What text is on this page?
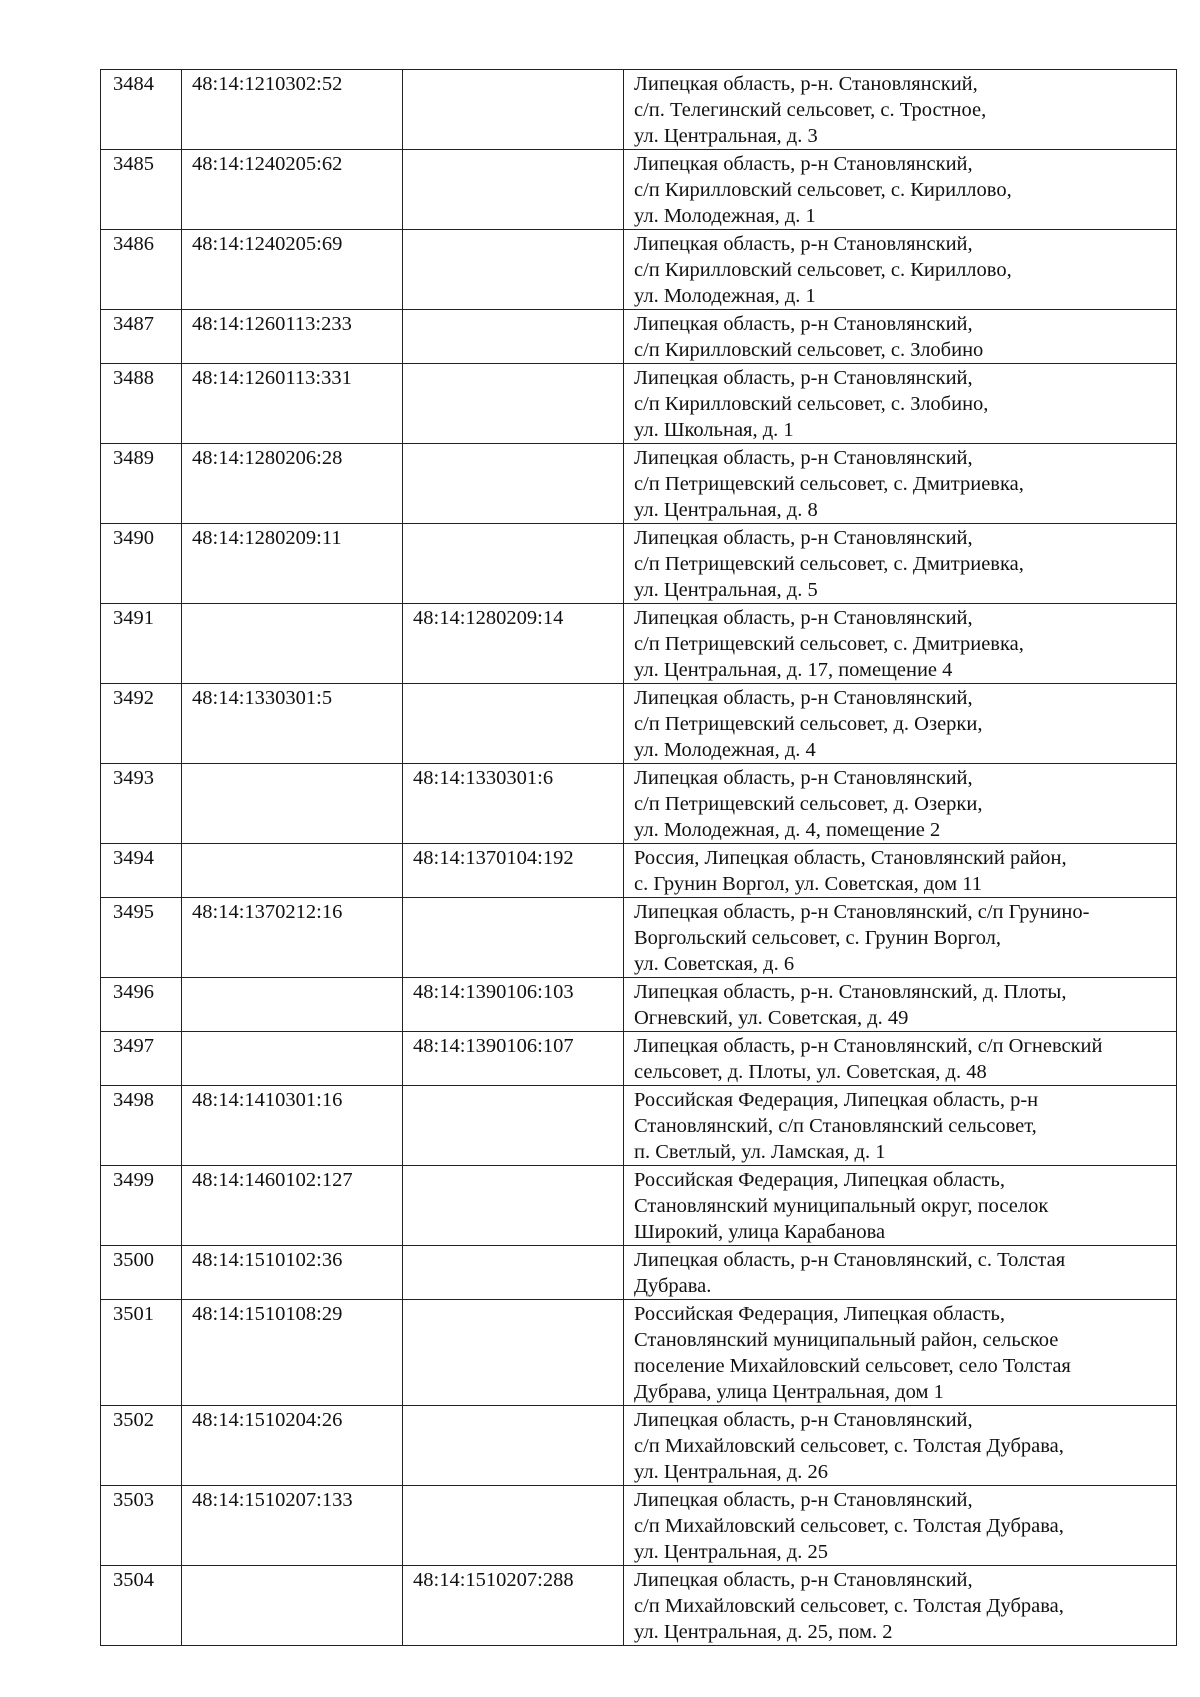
3484	48:14:1210302:52		Липецкая область, р-н. Становлянский,
с/п. Телегинский сельсовет, с. Тростное,
ул. Центральная, д. 3

3485	48:14:1240205:62		Липецкая область, р-н Становлянский,
с/п Кирилловский сельсовет, с. Кириллово,
ул. Молодежная, д. 1

3486	48:14:1240205:69		Липецкая область, р-н Становлянский,
с/п Кирилловский сельсовет, с. Кириллово,
ул. Молодежная, д. 1

3487	48:14:1260113:233		Липецкая область, р-н Становлянский,
с/п Кирилловский сельсовет, с. Злобино

3488	48:14:1260113:331		Липецкая область, р-н Становлянский,
с/п Кирилловский сельсовет, с. Злобино,
ул. Школьная, д. 1

3489	48:14:1280206:28		Липецкая область, р-н Становлянский,
с/п Петрищевский сельсовет, с. Дмитриевка,
ул. Центральная, д. 8

3490	48:14:1280209:11		Липецкая область, р-н Становлянский,
с/п Петрищевский сельсовет, с. Дмитриевка,
ул. Центральная, д. 5

3491		48:14:1280209:14	Липецкая область, р-н Становлянский,
с/п Петрищевский сельсовет, с. Дмитриевка,
ул. Центральная, д. 17, помещение 4

3492	48:14:1330301:5		Липецкая область, р-н Становлянский,
с/п Петрищевский сельсовет, д. Озерки,
ул. Молодежная, д. 4

3493		48:14:1330301:6	Липецкая область, р-н Становлянский,
с/п Петрищевский сельсовет, д. Озерки,
ул. Молодежная, д. 4, помещение 2

3494		48:14:1370104:192	Россия, Липецкая область, Становлянский район,
с. Грунин Воргол, ул. Советская, дом 11

3495	48:14:1370212:16		Липецкая область, р-н Становлянский, с/п Грунино-
Воргольский сельсовет, с. Грунин Воргол,
ул. Советская, д. 6

3496		48:14:1390106:103	Липецкая область, р-н. Становлянский, д. Плоты,
Огневский, ул. Советская, д. 49

3497		48:14:1390106:107	Липецкая область, р-н Становлянский, с/п Огневский
сельсовет, д. Плоты, ул. Советская, д. 48

3498	48:14:1410301:16		Российская Федерация, Липецкая область, р-н
Становлянский, с/п Становлянский сельсовет,
п. Светлый, ул. Ламская, д. 1

3499	48:14:1460102:127		Российская Федерация, Липецкая область,
Становлянский муниципальный округ, поселок
Широкий, улица Карабанова

3500	48:14:1510102:36		Липецкая область, р-н Становлянский, с. Толстая
Дубрава.

3501	48:14:1510108:29		Российская Федерация, Липецкая область,
Становлянский муниципальный район, сельское
поселение Михайловский сельсовет, село Толстая
Дубрава, улица Центральная, дом 1

3502	48:14:1510204:26		Липецкая область, р-н Становлянский,
с/п Михайловский сельсовет, с. Толстая Дубрава,
ул. Центральная, д. 26

3503	48:14:1510207:133		Липецкая область, р-н Становлянский,
с/п Михайловский сельсовет, с. Толстая Дубрава,
ул. Центральная, д. 25

3504		48:14:1510207:288	Липецкая область, р-н Становлянский,
с/п Михайловский сельсовет, с. Толстая Дубрава,
ул. Центральная, д. 25, пом. 2
